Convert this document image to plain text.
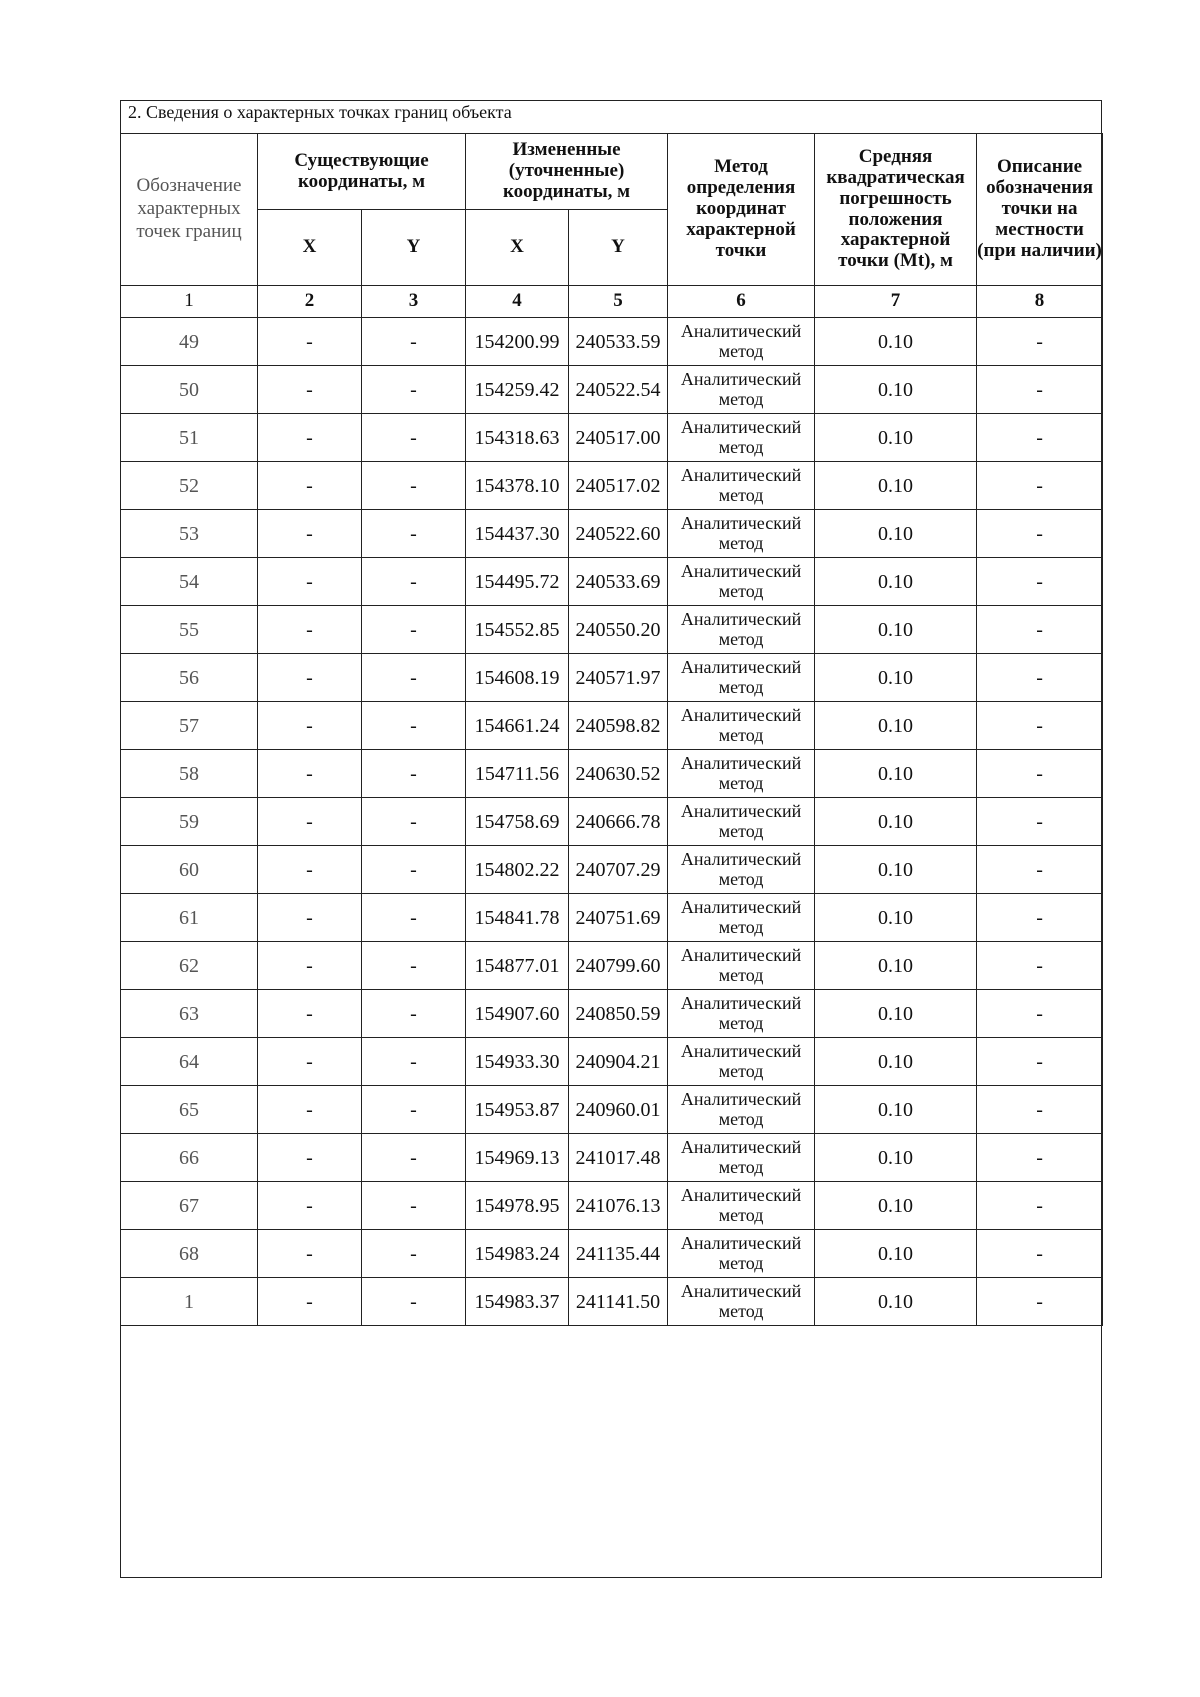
2. Сведения о характерных точках границ объекта
Обозначение характерных точек границ	Существующие координаты, м		Измененные (уточненные) координаты, м		Метод определения координат характерной точки	Средняя квадратическая погрешность положения характерной точки (Mt), м	Описание обозначения точки на местности (при наличии)
	X	Y	X	Y			
1	2	3	4	5	6	7	8
49	-	-	154200.99	240533.59	Аналитический метод	0.10	-
50	-	-	154259.42	240522.54	Аналитический метод	0.10	-
51	-	-	154318.63	240517.00	Аналитический метод	0.10	-
52	-	-	154378.10	240517.02	Аналитический метод	0.10	-
53	-	-	154437.30	240522.60	Аналитический метод	0.10	-
54	-	-	154495.72	240533.69	Аналитический метод	0.10	-
55	-	-	154552.85	240550.20	Аналитический метод	0.10	-
56	-	-	154608.19	240571.97	Аналитический метод	0.10	-
57	-	-	154661.24	240598.82	Аналитический метод	0.10	-
58	-	-	154711.56	240630.52	Аналитический метод	0.10	-
59	-	-	154758.69	240666.78	Аналитический метод	0.10	-
60	-	-	154802.22	240707.29	Аналитический метод	0.10	-
61	-	-	154841.78	240751.69	Аналитический метод	0.10	-
62	-	-	154877.01	240799.60	Аналитический метод	0.10	-
63	-	-	154907.60	240850.59	Аналитический метод	0.10	-
64	-	-	154933.30	240904.21	Аналитический метод	0.10	-
65	-	-	154953.87	240960.01	Аналитический метод	0.10	-
66	-	-	154969.13	241017.48	Аналитический метод	0.10	-
67	-	-	154978.95	241076.13	Аналитический метод	0.10	-
68	-	-	154983.24	241135.44	Аналитический метод	0.10	-
1	-	-	154983.37	241141.50	Аналитический метод	0.10	-
